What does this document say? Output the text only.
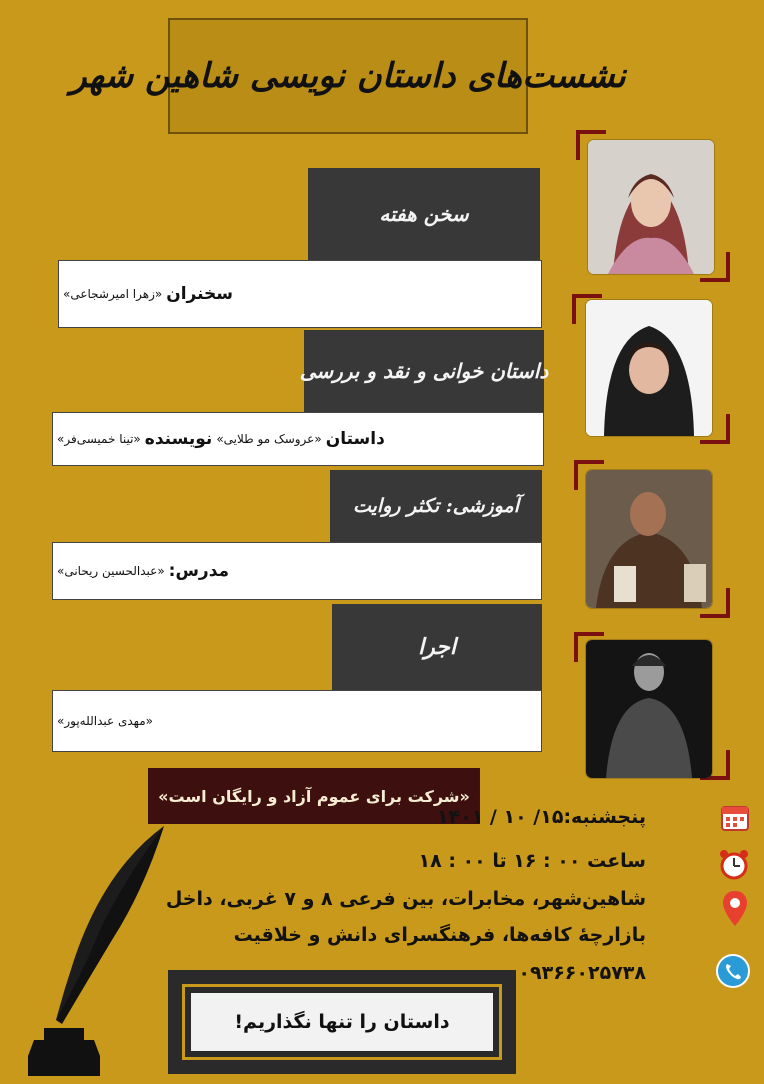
نشست‌های داستان نویسی شاهین شهر
سخن هفته
سخنران
«زهرا امیرشجاعی»
داستان خوانی و نقد و بررسی
داستان
«عروسک مو طلایی»
نویسنده
«تینا خمیسی‌فر»
آموزشی: تکثر روایت
مدرس:
«عبدالحسین ریحانی»
اجرا
«مهدی عبدالله‌پور»
«شرکت برای عموم آزاد و رایگان است»
پنجشنبه:۱۵/ ۱۰ / ۱۴۰۱
ساعت ۰۰ : ۱۶ تا ۰۰ : ۱۸
شاهین‌شهر، مخابرات، بین فرعی ۸ و ۷ غربی، داخل
بازارچهٔ کافه‌ها، فرهنگسرای دانش و خلاقیت
۰۹۳۶۶۰۲۵۷۳۸
داستان را تنها نگذاریم!
